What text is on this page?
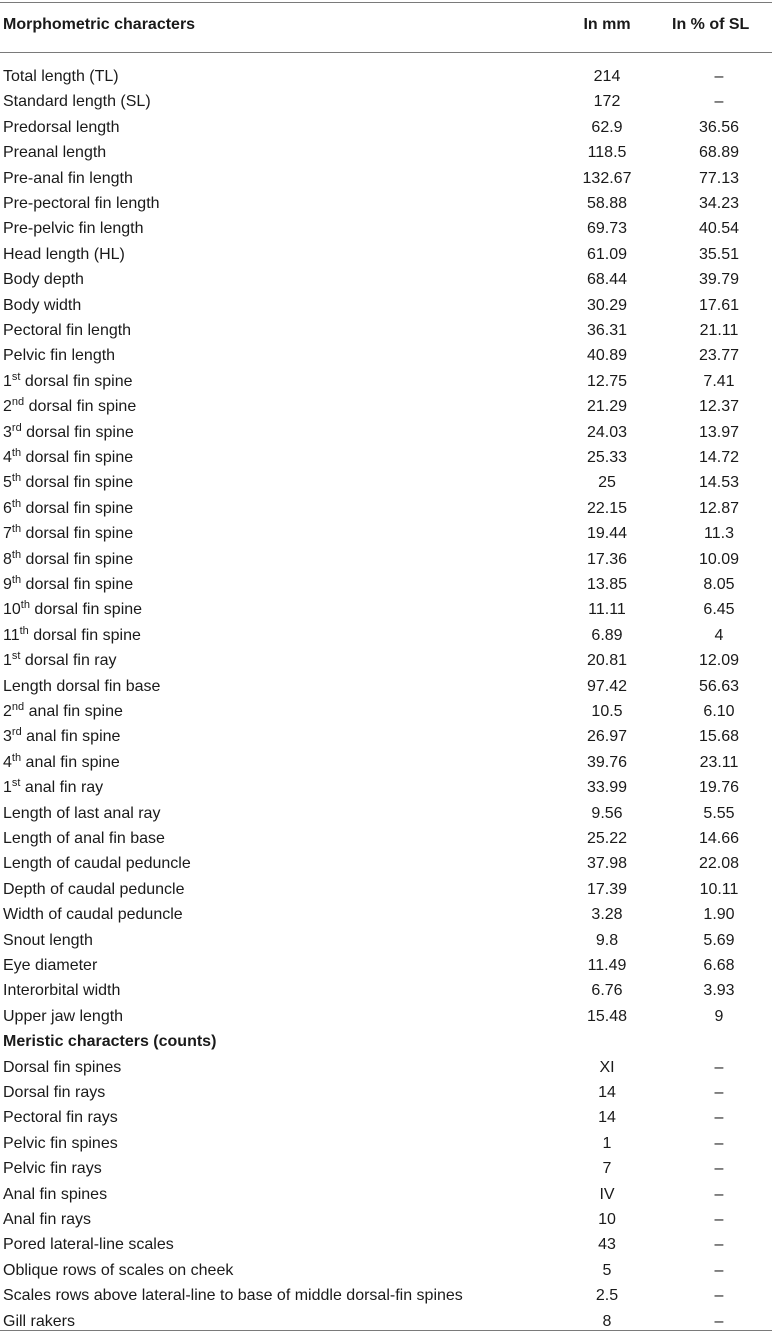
Morphometric characters	In mm	In % of SL
Total length (TL)	214	–
Standard length (SL)	172	–
Predorsal length	62.9	36.56
Preanal length	118.5	68.89
Pre-anal fin length	132.67	77.13
Pre-pectoral fin length	58.88	34.23
Pre-pelvic fin length	69.73	40.54
Head length (HL)	61.09	35.51
Body depth	68.44	39.79
Body width	30.29	17.61
Pectoral fin length	36.31	21.11
Pelvic fin length	40.89	23.77
1st dorsal fin spine	12.75	7.41
2nd dorsal fin spine	21.29	12.37
3rd dorsal fin spine	24.03	13.97
4th dorsal fin spine	25.33	14.72
5th dorsal fin spine	25	14.53
6th dorsal fin spine	22.15	12.87
7th dorsal fin spine	19.44	11.3
8th dorsal fin spine	17.36	10.09
9th dorsal fin spine	13.85	8.05
10th dorsal fin spine	11.11	6.45
11th dorsal fin spine	6.89	4
1st dorsal fin ray	20.81	12.09
Length dorsal fin base	97.42	56.63
2nd anal fin spine	10.5	6.10
3rd anal fin spine	26.97	15.68
4th anal fin spine	39.76	23.11
1st anal fin ray	33.99	19.76
Length of last anal ray	9.56	5.55
Length of anal fin base	25.22	14.66
Length of caudal peduncle	37.98	22.08
Depth of caudal peduncle	17.39	10.11
Width of caudal peduncle	3.28	1.90
Snout length	9.8	5.69
Eye diameter	11.49	6.68
Interorbital width	6.76	3.93
Upper jaw length	15.48	9
Meristic characters (counts)
Dorsal fin spines	XI	–
Dorsal fin rays	14	–
Pectoral fin rays	14	–
Pelvic fin spines	1	–
Pelvic fin rays	7	–
Anal fin spines	IV	–
Anal fin rays	10	–
Pored lateral-line scales	43	–
Oblique rows of scales on cheek	5	–
Scales rows above lateral-line to base of middle dorsal-fin spines	2.5	–
Gill rakers	8	–
